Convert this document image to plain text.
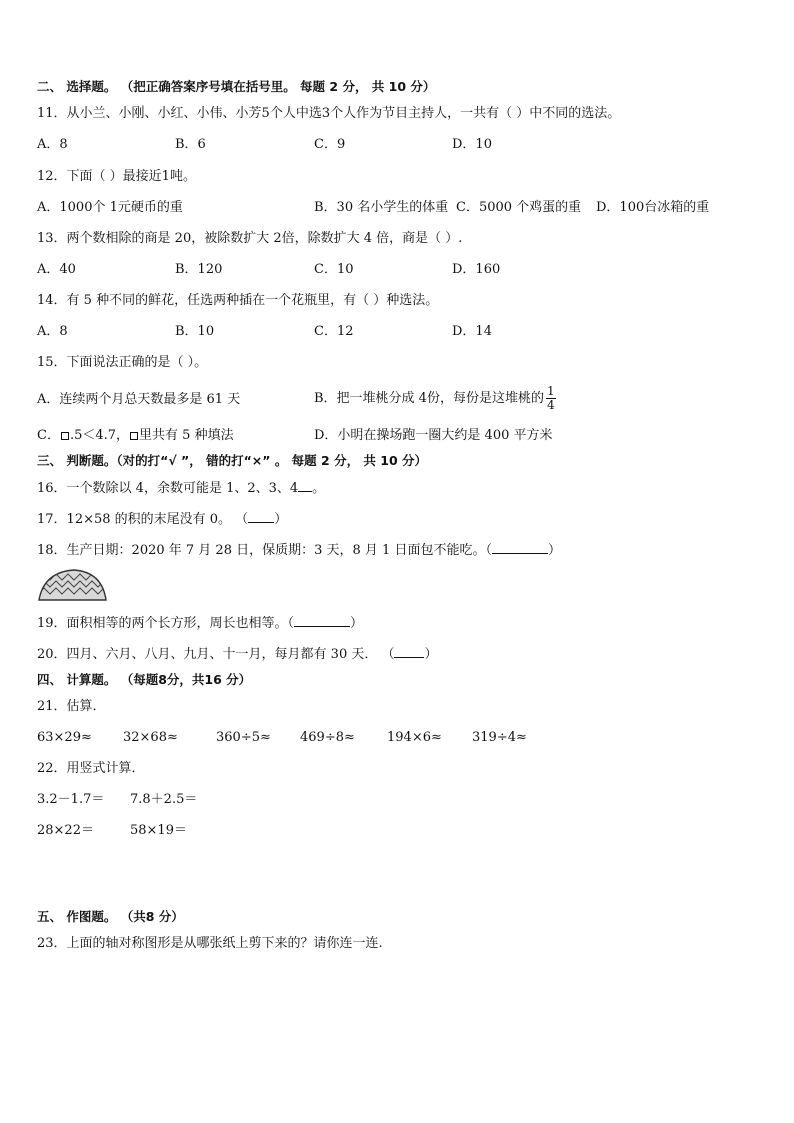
二、 选择题。 （把正确答案序号填在括号里。 每题 2 分， 共 10 分）
11．从小兰、小刚、小红、小伟、小芳5个人中选3个人作为节目主持人，一共有（ ）中不同的选法。
A．8	B．6	C．9	D．10
12．下面（ ）最接近1吨。
A．1000个 1元硬币的重	B．30 名小学生的体重 C．5000 个鸡蛋的重 D．100台冰箱的重
13．两个数相除的商是 20，被除数扩大 2倍，除数扩大 4 倍，商是（ ）.
A．40	B．120	C．10	D．160
14．有 5 种不同的鲜花，任选两种插在一个花瓶里，有（ ）种选法。
A．8	B．10	C．12	D．14
15．下面说法正确的是（ ）。
A．连续两个月总天数最多是 61 天	B．把一堆桃分成 4份，每份是这堆桃的 $\frac{1}{4}$
C． .5＜4.7， 里共有 5 种填法	D．小明在操场跑一圈大约是 400 平方米
三、 判断题。（对的打“√ ”， 错的打“×” 。 每题 2 分， 共 10 分）
16．一个数除以 4，余数可能是 1、2、3、4 。
17．12×58 的积的末尾没有 0。 （ ）
18．生产日期：2020 年 7 月 28 日，保质期：3 天，8 月 1 日面包不能吃。（	）
19．面积相等的两个长方形，周长也相等。（	）
20．四月、六月、八月、九月、十一月，每月都有 30 天． （ ）
四、 计算题。 （每题8分，共16 分）
21．估算．
63×29≈ 32×68≈	360÷5≈ 469÷8≈ 194×6≈ 319÷4≈
22．用竖式计算．
3.2－1.7＝ 7.8＋2.5＝
28×22＝	58×19＝
五、 作图题。 （共8 分）
23．上面的轴对称图形是从哪张纸上剪下来的？请你连一连.
